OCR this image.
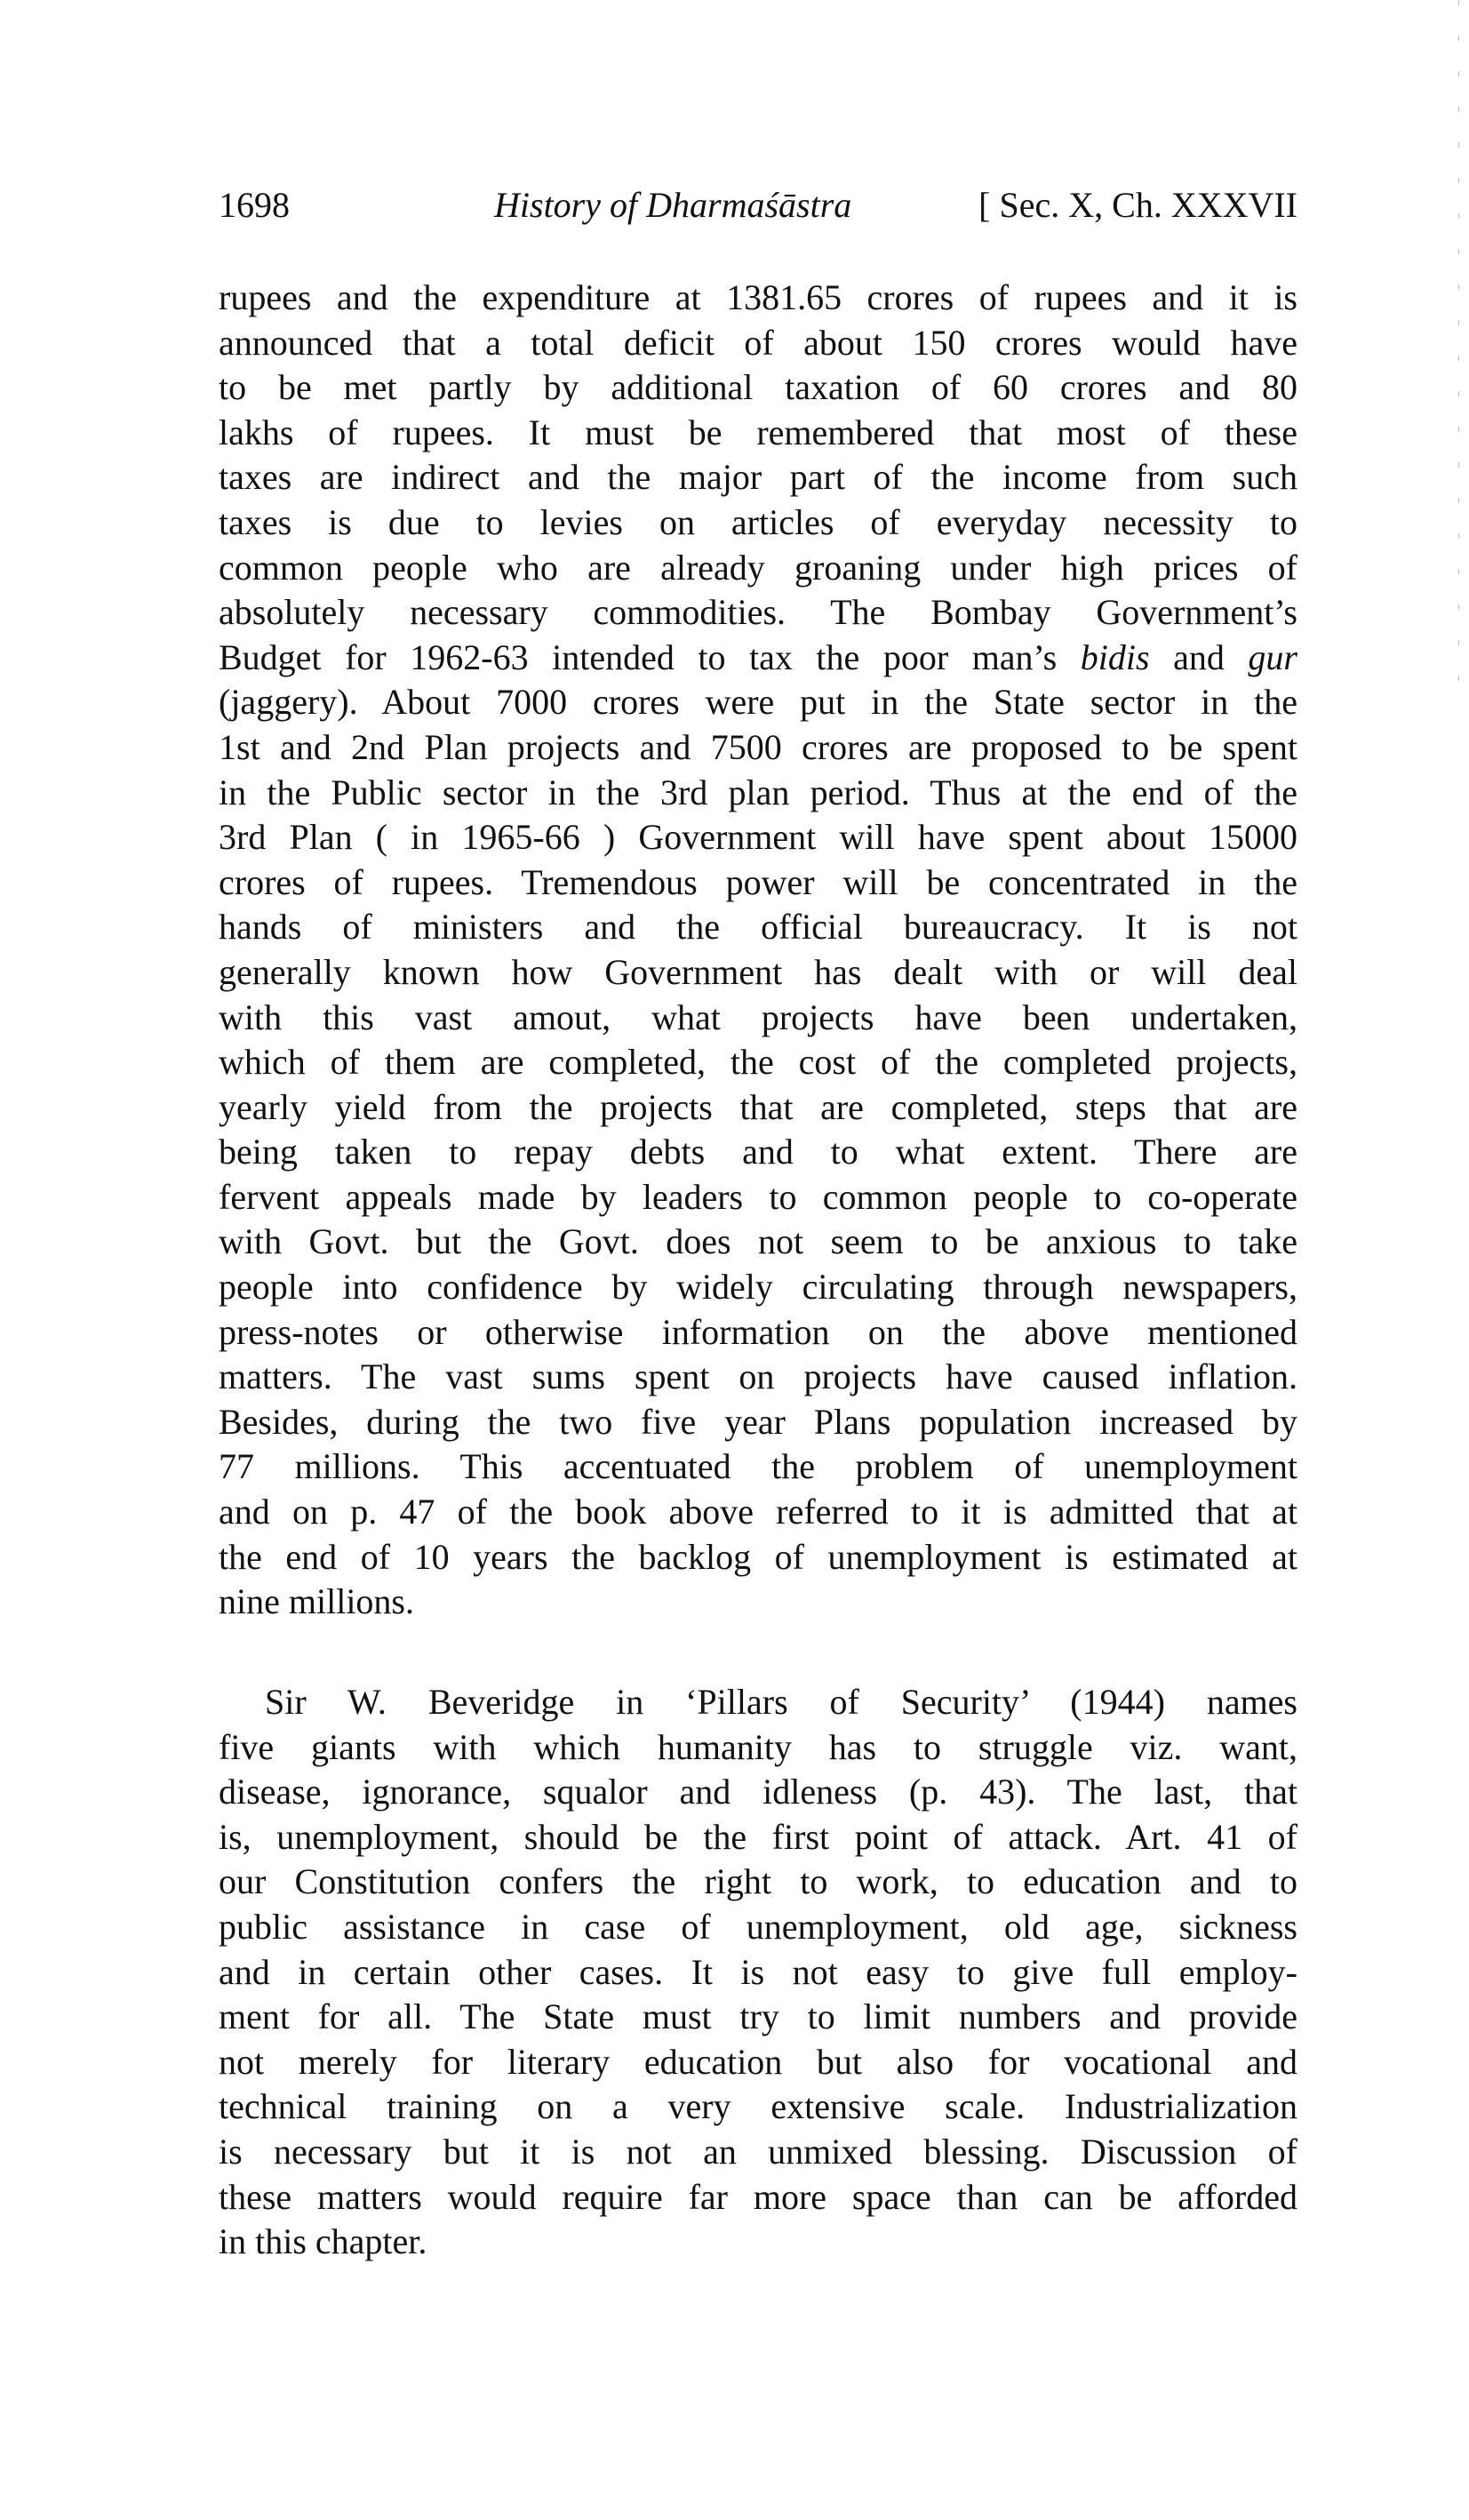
1698	History of Dharmaśāstra	[ Sec. X, Ch. XXXVII
rupees and the expenditure at 1381.65 crores of rupees and it is
announced that a total deficit of about 150 crores would have
to be met partly by additional taxation of 60 crores and 80
lakhs of rupees. It must be remembered that most of these
taxes are indirect and the major part of the income from such
taxes is due to levies on articles of everyday necessity to
common people who are already groaning under high prices of
absolutely necessary commodities. The Bombay Government’s
Budget for 1962-63 intended to tax the poor man’s bidis and gur
(jaggery). About 7000 crores were put in the State sector in the
1st and 2nd Plan projects and 7500 crores are proposed to be spent
in the Public sector in the 3rd plan period. Thus at the end of the
3rd Plan ( in 1965-66 ) Government will have spent about 15000
crores of rupees. Tremendous power will be concentrated in the
hands of ministers and the official bureaucracy. It is not
generally known how Government has dealt with or will deal
with this vast amout, what projects have been undertaken,
which of them are completed, the cost of the completed projects,
yearly yield from the projects that are completed, steps that are
being taken to repay debts and to what extent. There are
fervent appeals made by leaders to common people to co-operate
with Govt. but the Govt. does not seem to be anxious to take
people into confidence by widely circulating through newspapers,
press-notes or otherwise information on the above mentioned
matters. The vast sums spent on projects have caused inflation.
Besides, during the two five year Plans population increased by
77 millions. This accentuated the problem of unemployment
and on p. 47 of the book above referred to it is admitted that at
the end of 10 years the backlog of unemployment is estimated at
nine millions.
Sir W. Beveridge in ‘Pillars of Security’ (1944) names
five giants with which humanity has to struggle viz. want,
disease, ignorance, squalor and idleness (p. 43). The last, that
is, unemployment, should be the first point of attack. Art. 41 of
our Constitution confers the right to work, to education and to
public assistance in case of unemployment, old age, sickness
and in certain other cases. It is not easy to give full employ-
ment for all. The State must try to limit numbers and provide
not merely for literary education but also for vocational and
technical training on a very extensive scale. Industrialization
is necessary but it is not an unmixed blessing. Discussion of
these matters would require far more space than can be afforded
in this chapter.
